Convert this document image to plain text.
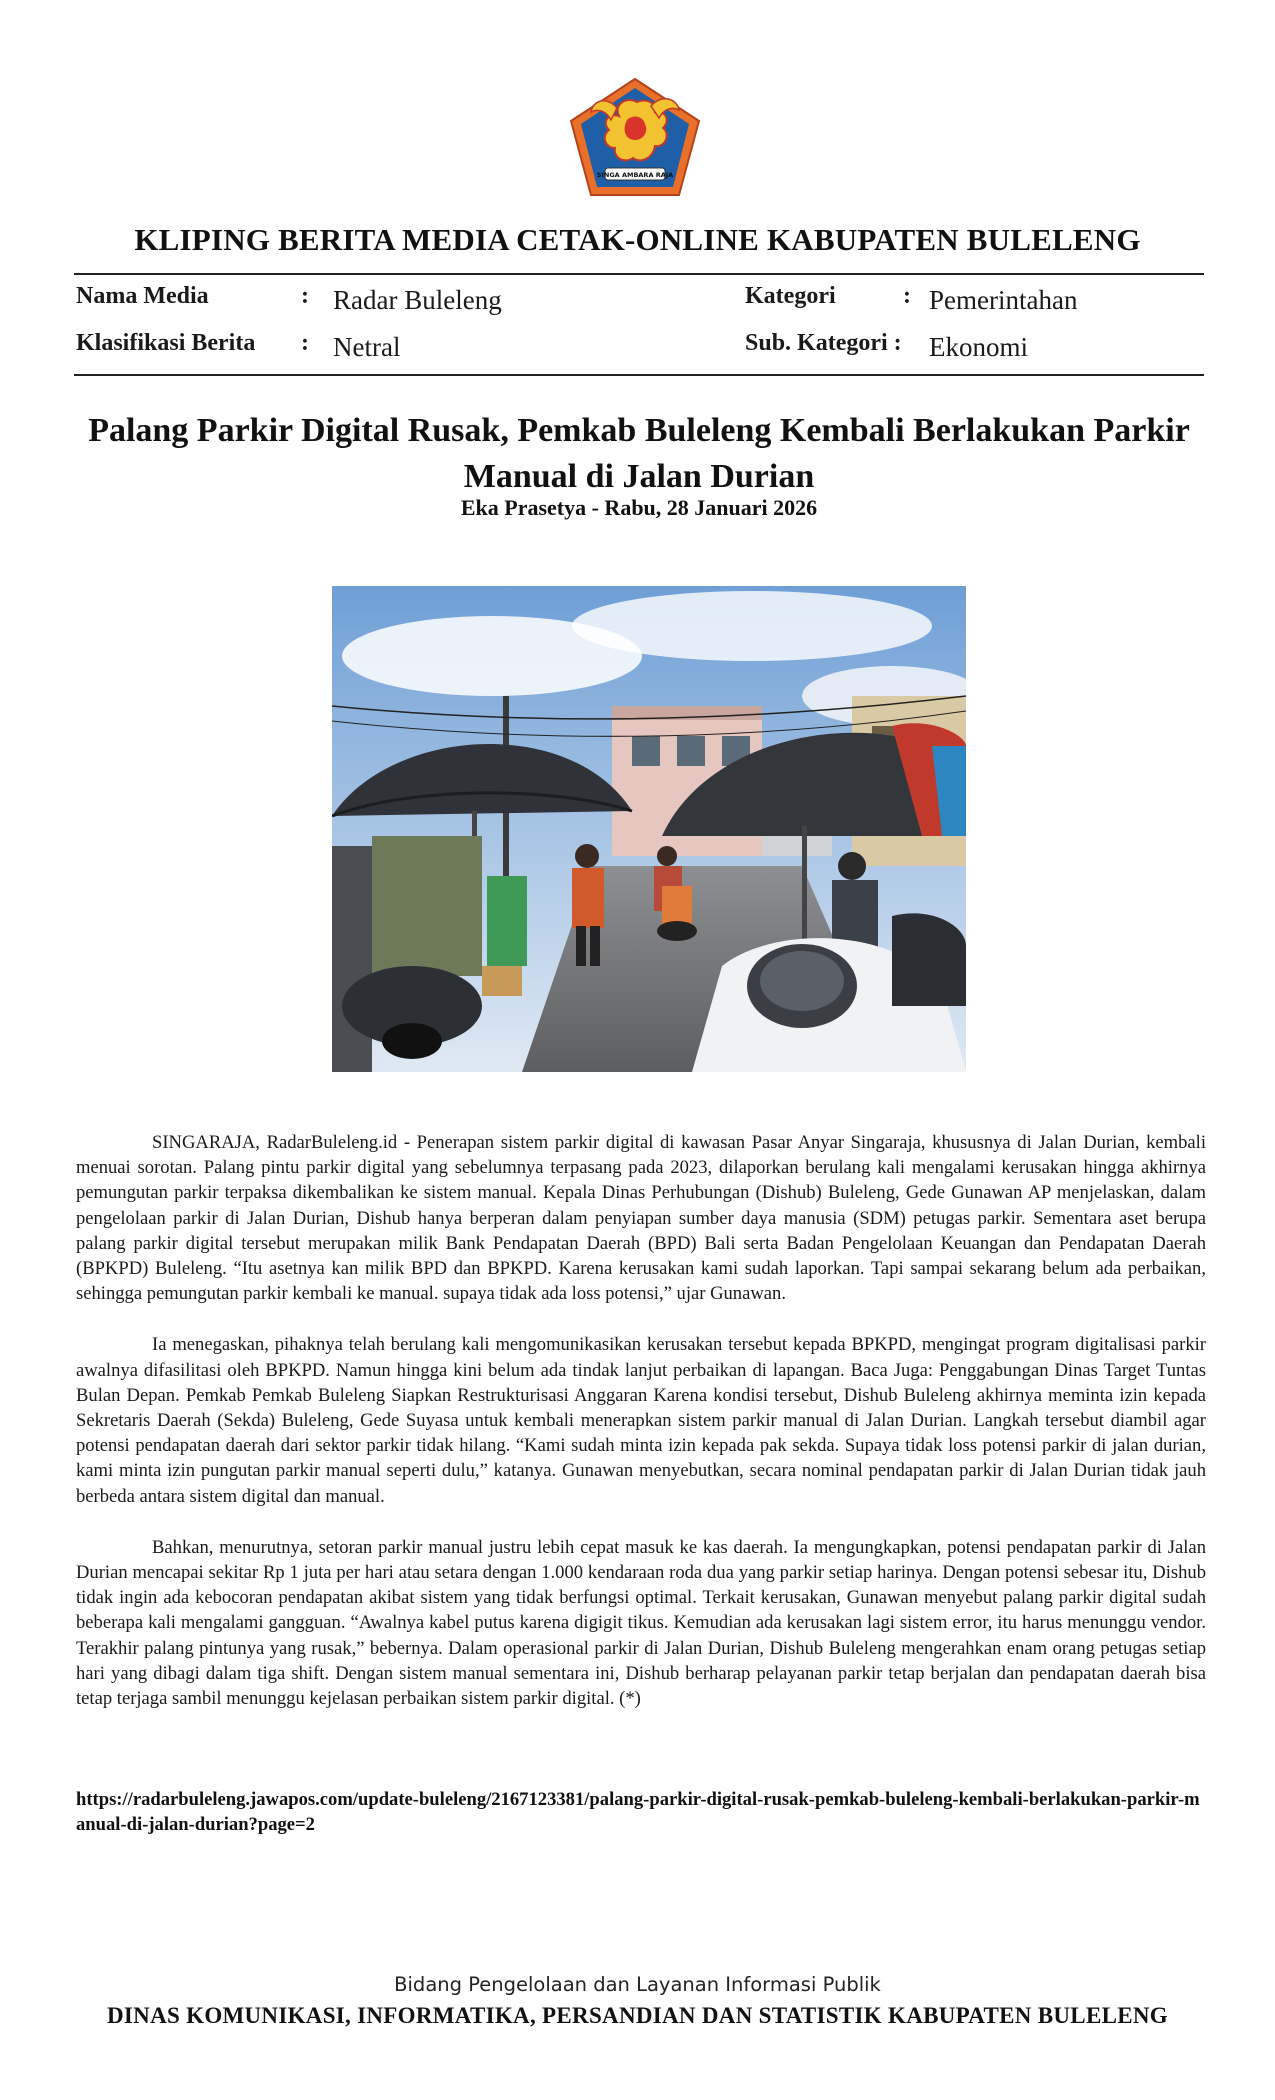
SINGA AMBARA RAJA
KLIPING BERITA MEDIA CETAK-ONLINE KABUPATEN BULELENG
Nama Media	: Radar Buleleng	Kategori	: Pemerintahan
Klasifikasi Berita : Netral	Sub. Kategori : Ekonomi
Palang Parkir Digital Rusak, Pemkab Buleleng Kembali Berlakukan Parkir Manual di Jalan Durian
Eka Prasetya - Rabu, 28 Januari 2026

SINGARAJA, RadarBuleleng.id - Penerapan sistem parkir digital di kawasan Pasar Anyar Singaraja, khususnya di Jalan Durian, kembali menuai sorotan. Palang pintu parkir digital yang sebelumnya terpasang pada 2023, dilaporkan berulang kali mengalami kerusakan hingga akhirnya pemungutan parkir terpaksa dikembalikan ke sistem manual. Kepala Dinas Perhubungan (Dishub) Buleleng, Gede Gunawan AP menjelaskan, dalam pengelolaan parkir di Jalan Durian, Dishub hanya berperan dalam penyiapan sumber daya manusia (SDM) petugas parkir. Sementara aset berupa palang parkir digital tersebut merupakan milik Bank Pendapatan Daerah (BPD) Bali serta Badan Pengelolaan Keuangan dan Pendapatan Daerah (BPKPD) Buleleng. “Itu asetnya kan milik BPD dan BPKPD. Karena kerusakan kami sudah laporkan. Tapi sampai sekarang belum ada perbaikan, sehingga pemungutan parkir kembali ke manual. supaya tidak ada loss potensi,” ujar Gunawan.

Ia menegaskan, pihaknya telah berulang kali mengomunikasikan kerusakan tersebut kepada BPKPD, mengingat program digitalisasi parkir awalnya difasilitasi oleh BPKPD. Namun hingga kini belum ada tindak lanjut perbaikan di lapangan. Baca Juga: Penggabungan Dinas Target Tuntas Bulan Depan. Pemkab Pemkab Buleleng Siapkan Restrukturisasi Anggaran Karena kondisi tersebut, Dishub Buleleng akhirnya meminta izin kepada Sekretaris Daerah (Sekda) Buleleng, Gede Suyasa untuk kembali menerapkan sistem parkir manual di Jalan Durian. Langkah tersebut diambil agar potensi pendapatan daerah dari sektor parkir tidak hilang. “Kami sudah minta izin kepada pak sekda. Supaya tidak loss potensi parkir di jalan durian, kami minta izin pungutan parkir manual seperti dulu,” katanya. Gunawan menyebutkan, secara nominal pendapatan parkir di Jalan Durian tidak jauh berbeda antara sistem digital dan manual.

Bahkan, menurutnya, setoran parkir manual justru lebih cepat masuk ke kas daerah. Ia mengungkapkan, potensi pendapatan parkir di Jalan Durian mencapai sekitar Rp 1 juta per hari atau setara dengan 1.000 kendaraan roda dua yang parkir setiap harinya. Dengan potensi sebesar itu, Dishub tidak ingin ada kebocoran pendapatan akibat sistem yang tidak berfungsi optimal. Terkait kerusakan, Gunawan menyebut palang parkir digital sudah beberapa kali mengalami gangguan. “Awalnya kabel putus karena digigit tikus. Kemudian ada kerusakan lagi sistem error, itu harus menunggu vendor. Terakhir palang pintunya yang rusak,” bebernya. Dalam operasional parkir di Jalan Durian, Dishub Buleleng mengerahkan enam orang petugas setiap hari yang dibagi dalam tiga shift. Dengan sistem manual sementara ini, Dishub berharap pelayanan parkir tetap berjalan dan pendapatan daerah bisa tetap terjaga sambil menunggu kejelasan perbaikan sistem parkir digital. (*)

https://radarbuleleng.jawapos.com/update-buleleng/2167123381/palang-parkir-digital-rusak-pemkab-buleleng-kembali-berlakukan-parkir-manual-di-jalan-durian?page=2
Bidang Pengelolaan dan Layanan Informasi Publik
DINAS KOMUNIKASI, INFORMATIKA, PERSANDIAN DAN STATISTIK KABUPATEN BULELENG
